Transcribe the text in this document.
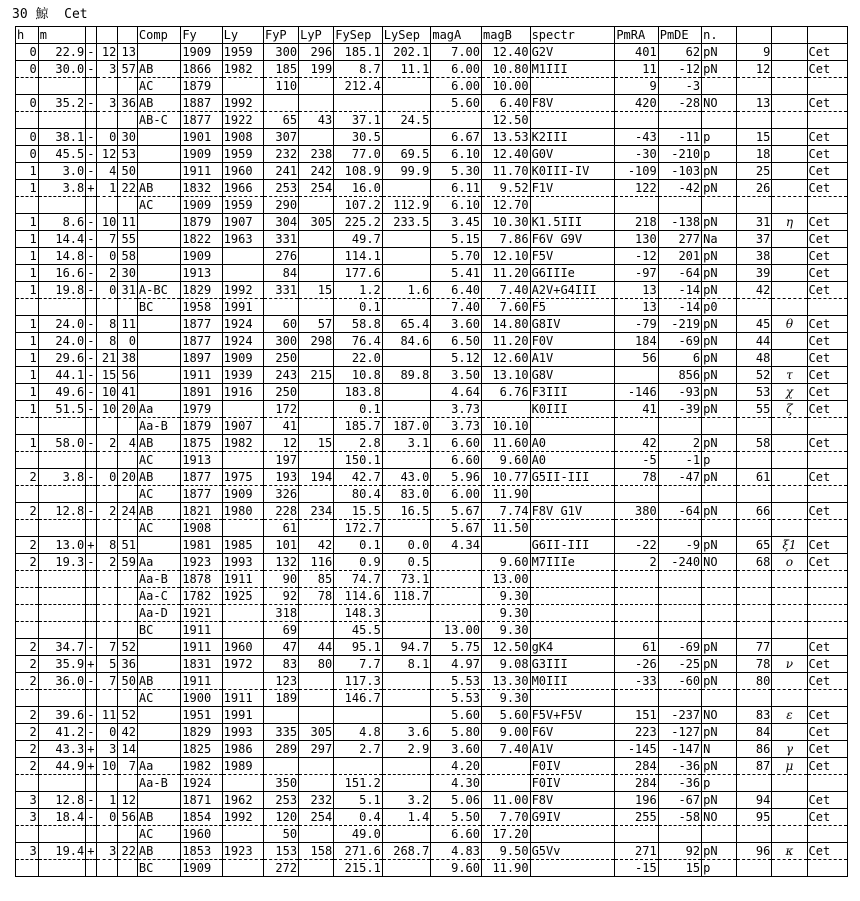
30 鯨  Cet
h	m				Comp	Fy	Ly	FyP	LyP	FySep	LySep	magA	magB	spectr	PmRA	PmDE	n.			
0	22.9	-	12	13		1909	1959	300	296	185.1	202.1	7.00	12.40	G2V	401	62	pN	9		Cet
0	30.0	-	3	57	AB	1866	1982	185	199	8.7	11.1	6.00	10.80	M1III	11	-12	pN	12		Cet
					AC	1879		110		212.4		6.00	10.00		9	-3				
0	35.2	-	3	36	AB	1887	1992					5.60	6.40	F8V	420	-28	NO	13		Cet
					AB-C	1877	1922	65	43	37.1	24.5		12.50							
0	38.1	-	0	30		1901	1908	307		30.5		6.67	13.53	K2III	-43	-11	p	15		Cet
0	45.5	-	12	53		1909	1959	232	238	77.0	69.5	6.10	12.40	G0V	-30	-210	p	18		Cet
1	3.0	-	4	50		1911	1960	241	242	108.9	99.9	5.30	11.70	K0III-IV	-109	-103	pN	25		Cet
1	3.8	+	1	22	AB	1832	1966	253	254	16.0		6.11	9.52	F1V	122	-42	pN	26		Cet
					AC	1909	1959	290		107.2	112.9	6.10	12.70							
1	8.6	-	10	11		1879	1907	304	305	225.2	233.5	3.45	10.30	K1.5III	218	-138	pN	31	η	Cet
1	14.4	-	7	55		1822	1963	331		49.7		5.15	7.86	F6V G9V	130	277	Na	37		Cet
1	14.8	-	0	58		1909		276		114.1		5.70	12.10	F5V	-12	201	pN	38		Cet
1	16.6	-	2	30		1913		84		177.6		5.41	11.20	G6IIIe	-97	-64	pN	39		Cet
1	19.8	-	0	31	A-BC	1829	1992	331	15	1.2	1.6	6.40	7.40	A2V+G4III	13	-14	pN	42		Cet
					BC	1958	1991			0.1		7.40	7.60	F5	13	-14	p0			
1	24.0	-	8	11		1877	1924	60	57	58.8	65.4	3.60	14.80	G8IV	-79	-219	pN	45	θ	Cet
1	24.0	-	8	0		1877	1924	300	298	76.4	84.6	6.50	11.20	F0V	184	-69	pN	44		Cet
1	29.6	-	21	38		1897	1909	250		22.0		5.12	12.60	A1V	56	6	pN	48		Cet
1	44.1	-	15	56		1911	1939	243	215	10.8	89.8	3.50	13.10	G8V		856	pN	52	τ	Cet
1	49.6	-	10	41		1891	1916	250		183.8		4.64	6.76	F3III	-146	-93	pN	53	χ	Cet
1	51.5	-	10	20	Aa	1979		172		0.1		3.73		K0III	41	-39	pN	55	ζ	Cet
					Aa-B	1879	1907	41		185.7	187.0	3.73	10.10							
1	58.0	-	2	4	AB	1875	1982	12	15	2.8	3.1	6.60	11.60	A0	42	2	pN	58		Cet
					AC	1913		197		150.1		6.60	9.60	A0	-5	-1	p			
2	3.8	-	0	20	AB	1877	1975	193	194	42.7	43.0	5.96	10.77	G5II-III	78	-47	pN	61		Cet
					AC	1877	1909	326		80.4	83.0	6.00	11.90							
2	12.8	-	2	24	AB	1821	1980	228	234	15.5	16.5	5.67	7.74	F8V G1V	380	-64	pN	66		Cet
					AC	1908		61		172.7		5.67	11.50							
2	13.0	+	8	51		1981	1985	101	42	0.1	0.0	4.34		G6II-III	-22	-9	pN	65	ξ1	Cet
2	19.3	-	2	59	Aa	1923	1993	132	116	0.9	0.5		9.60	M7IIIe	2	-240	NO	68	ο	Cet
					Aa-B	1878	1911	90	85	74.7	73.1		13.00							
					Aa-C	1782	1925	92	78	114.6	118.7		9.30							
					Aa-D	1921		318		148.3			9.30							
					BC	1911		69		45.5		13.00	9.30							
2	34.7	-	7	52		1911	1960	47	44	95.1	94.7	5.75	12.50	gK4	61	-69	pN	77		Cet
2	35.9	+	5	36		1831	1972	83	80	7.7	8.1	4.97	9.08	G3III	-26	-25	pN	78	ν	Cet
2	36.0	-	7	50	AB	1911		123		117.3		5.53	13.30	M0III	-33	-60	pN	80		Cet
					AC	1900	1911	189		146.7		5.53	9.30							
2	39.6	-	11	52		1951	1991					5.60	5.60	F5V+F5V	151	-237	NO	83	ε	Cet
2	41.2	-	0	42		1829	1993	335	305	4.8	3.6	5.80	9.00	F6V	223	-127	pN	84		Cet
2	43.3	+	3	14		1825	1986	289	297	2.7	2.9	3.60	7.40	A1V	-145	-147	N	86	γ	Cet
2	44.9	+	10	7	Aa	1982	1989					4.20		F0IV	284	-36	pN	87	μ	Cet
					Aa-B	1924		350		151.2		4.30		F0IV	284	-36	p			
3	12.8	-	1	12		1871	1962	253	232	5.1	3.2	5.06	11.00	F8V	196	-67	pN	94		Cet
3	18.4	-	0	56	AB	1854	1992	120	254	0.4	1.4	5.50	7.70	G9IV	255	-58	NO	95		Cet
					AC	1960		50		49.0		6.60	17.20							
3	19.4	+	3	22	AB	1853	1923	153	158	271.6	268.7	4.83	9.50	G5Vv	271	92	pN	96	κ	Cet
					BC	1909		272		215.1		9.60	11.90		-15	15	p			
